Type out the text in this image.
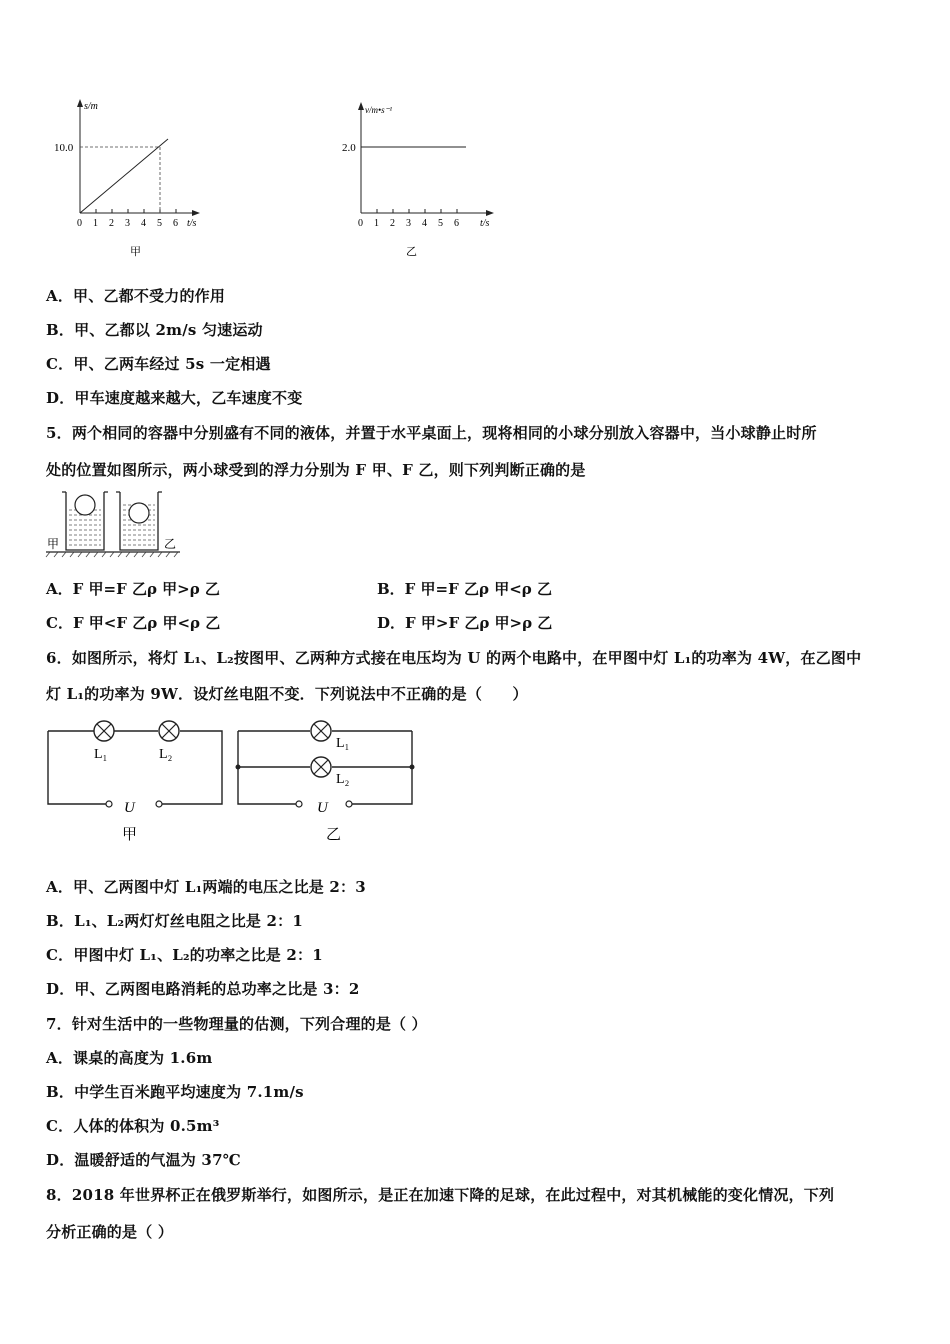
s/m
10.0
0 1 2 3 4 5 6 t/s
甲
v/m•s⁻¹
2.0
0 1 2 3 4 5 6 t/s
乙
A．甲、乙都不受力的作用
B．甲、乙都以 2m/s 匀速运动
C．甲、乙两车经过 5s 一定相遇
D．甲车速度越来越大，乙车速度不变
5．两个相同的容器中分别盛有不同的液体，并置于水平桌面上，现将相同的小球分别放入容器中，当小球静止时所
处的位置如图所示，两小球受到的浮力分别为 F 甲、F 乙，则下列判断正确的是
甲	乙
A．F 甲=F 乙ρ 甲>ρ 乙	B．F 甲=F 乙ρ 甲<ρ 乙
C．F 甲<F 乙ρ 甲<ρ 乙	D．F 甲>F 乙ρ 甲>ρ 乙
6．如图所示，将灯 L₁、L₂按图甲、乙两种方式接在电压均为 U 的两个电路中，在甲图中灯 L₁的功率为 4W，在乙图中
灯 L₁的功率为 9W．设灯丝电阻不变．下列说法中不正确的是（　　）
L₁	L₂
U
甲
L₁
L₂
U
乙
A．甲、乙两图中灯 L₁两端的电压之比是 2：3
B．L₁、L₂两灯灯丝电阻之比是 2：1
C．甲图中灯 L₁、L₂的功率之比是 2：1
D．甲、乙两图电路消耗的总功率之比是 3：2
7．针对生活中的一些物理量的估测，下列合理的是（ ）
A．课桌的高度为 1.6m
B．中学生百米跑平均速度为 7.1m/s
C．人体的体积为 0.5m³
D．温暖舒适的气温为 37℃
8．2018 年世界杯正在俄罗斯举行，如图所示，是正在加速下降的足球，在此过程中，对其机械能的变化情况，下列
分析正确的是（ ）
